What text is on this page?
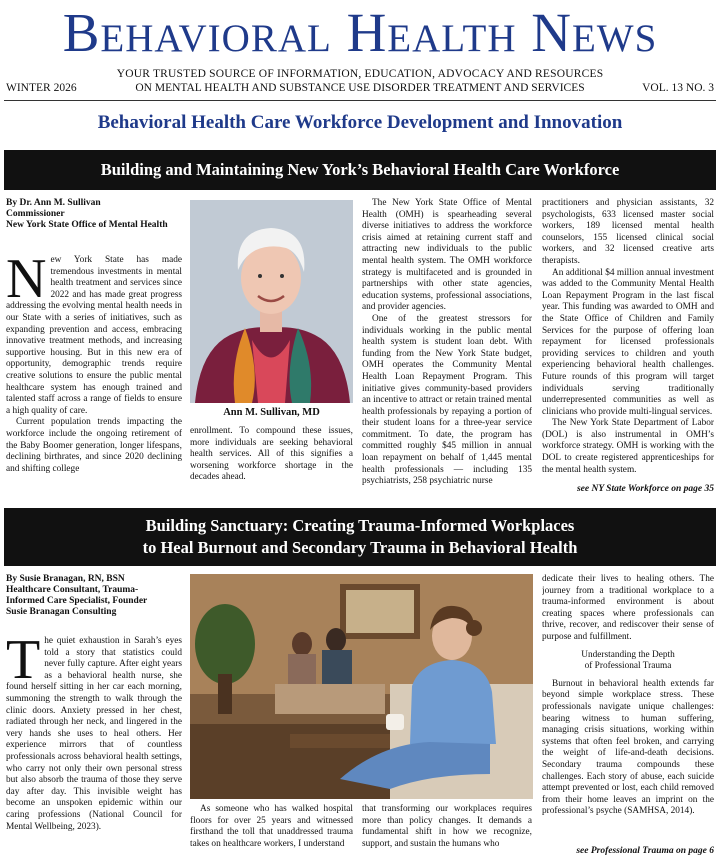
Behavioral Health News
YOUR TRUSTED SOURCE OF INFORMATION, EDUCATION, ADVOCACY AND RESOURCES
ON MENTAL HEALTH AND SUBSTANCE USE DISORDER TREATMENT AND SERVICES
WINTER 2026	VOL. 13 NO. 3
Behavioral Health Care Workforce Development and Innovation
Building and Maintaining New York’s Behavioral Health Care Workforce
By Dr. Ann M. Sullivan
Commissioner
New York State Office of Mental Health

New York State has made tremendous investments in mental health treatment and services since 2022 and has made great progress addressing the evolving mental health needs in our State with a series of initiatives, such as expanding prevention and access, embracing innovative treatment methods, and increasing supportive housing. But in this new era of opportunity, demographic trends require creative solutions to ensure the public mental healthcare system has enough trained and talented staff across a range of fields to ensure a high quality of care.

Current population trends impacting the workforce include the ongoing retirement of the Baby Boomer generation, longer lifespans, declining birthrates, and since 2020 declining and shifting college

Ann M. Sullivan, MD

enrollment. To compound these issues, more individuals are seeking behavioral health services. All of this signifies a worsening workforce shortage in the decades ahead.

The New York State Office of Mental Health (OMH) is spearheading several diverse initiatives to address the workforce crisis aimed at retaining current staff and attracting new individuals to the public mental health system. The OMH workforce strategy is multifaceted and is grounded in partnerships with other state agencies, education systems, professional associations, and provider agencies.

One of the greatest stressors for individuals working in the public mental health system is student loan debt. With funding from the New York State budget, OMH operates the Community Mental Health Loan Repayment Program. This initiative gives community-based providers an incentive to attract or retain trained mental health professionals by repaying a portion of their student loans for a three-year service commitment. To date, the program has committed roughly $45 million in annual loan repayment on behalf of 1,445 mental health professionals — including 135 psychiatrists, 258 psychiatric nurse

practitioners and physician assistants, 32 psychologists, 633 licensed master social workers, 189 licensed mental health counselors, 155 licensed clinical social workers, and 32 licensed creative arts therapists.

An additional $4 million annual investment was added to the Community Mental Health Loan Repayment Program in the last fiscal year. This funding was awarded to OMH and the State Office of Children and Family Services for the purpose of offering loan repayment for licensed professionals providing services to children and youth experiencing behavioral health challenges. Future rounds of this program will target individuals serving traditionally underrepresented communities as well as clinicians who provide multi-lingual services.

The New York State Department of Labor (DOL) is also instrumental in OMH’s workforce strategy. OMH is working with the DOL to create registered apprenticeships for the mental health system.

see NY State Workforce on page 35
Building Sanctuary: Creating Trauma-Informed Workplaces
to Heal Burnout and Secondary Trauma in Behavioral Health
By Susie Branagan, RN, BSN
Healthcare Consultant, Trauma-
Informed Care Specialist, Founder
Susie Branagan Consulting

The quiet exhaustion in Sarah’s eyes told a story that statistics could never fully capture. After eight years as a behavioral health nurse, she found herself sitting in her car each morning, summoning the strength to walk through the clinic doors. Anxiety pressed in her chest, radiated through her neck, and lingered in the very hands she uses to heal others. Her experience mirrors that of countless professionals across behavioral health settings, who carry not only their own personal stress but also absorb the trauma of those they serve day after day. This invisible weight has become an unspoken epidemic within our caring professions (National Council for Mental Wellbeing, 2023).

As someone who has walked hospital floors for over 25 years and witnessed firsthand the toll that unaddressed trauma takes on healthcare workers, I understand

that transforming our workplaces requires more than policy changes. It demands a fundamental shift in how we recognize, support, and sustain the humans who

dedicate their lives to healing others. The journey from a traditional workplace to a trauma-informed environment is about creating spaces where professionals can thrive, recover, and rediscover their sense of purpose and fulfillment.

Understanding the Depth
of Professional Trauma

Burnout in behavioral health extends far beyond simple workplace stress. These professionals navigate unique challenges: bearing witness to human suffering, managing crisis situations, working within systems that often feel broken, and carrying the weight of life-and-death decisions. Secondary trauma compounds these challenges. Each story of abuse, each suicide attempt prevented or lost, each child removed from their home leaves an imprint on the professional’s psyche (SAMHSA, 2014).

see Professional Trauma on page 6
